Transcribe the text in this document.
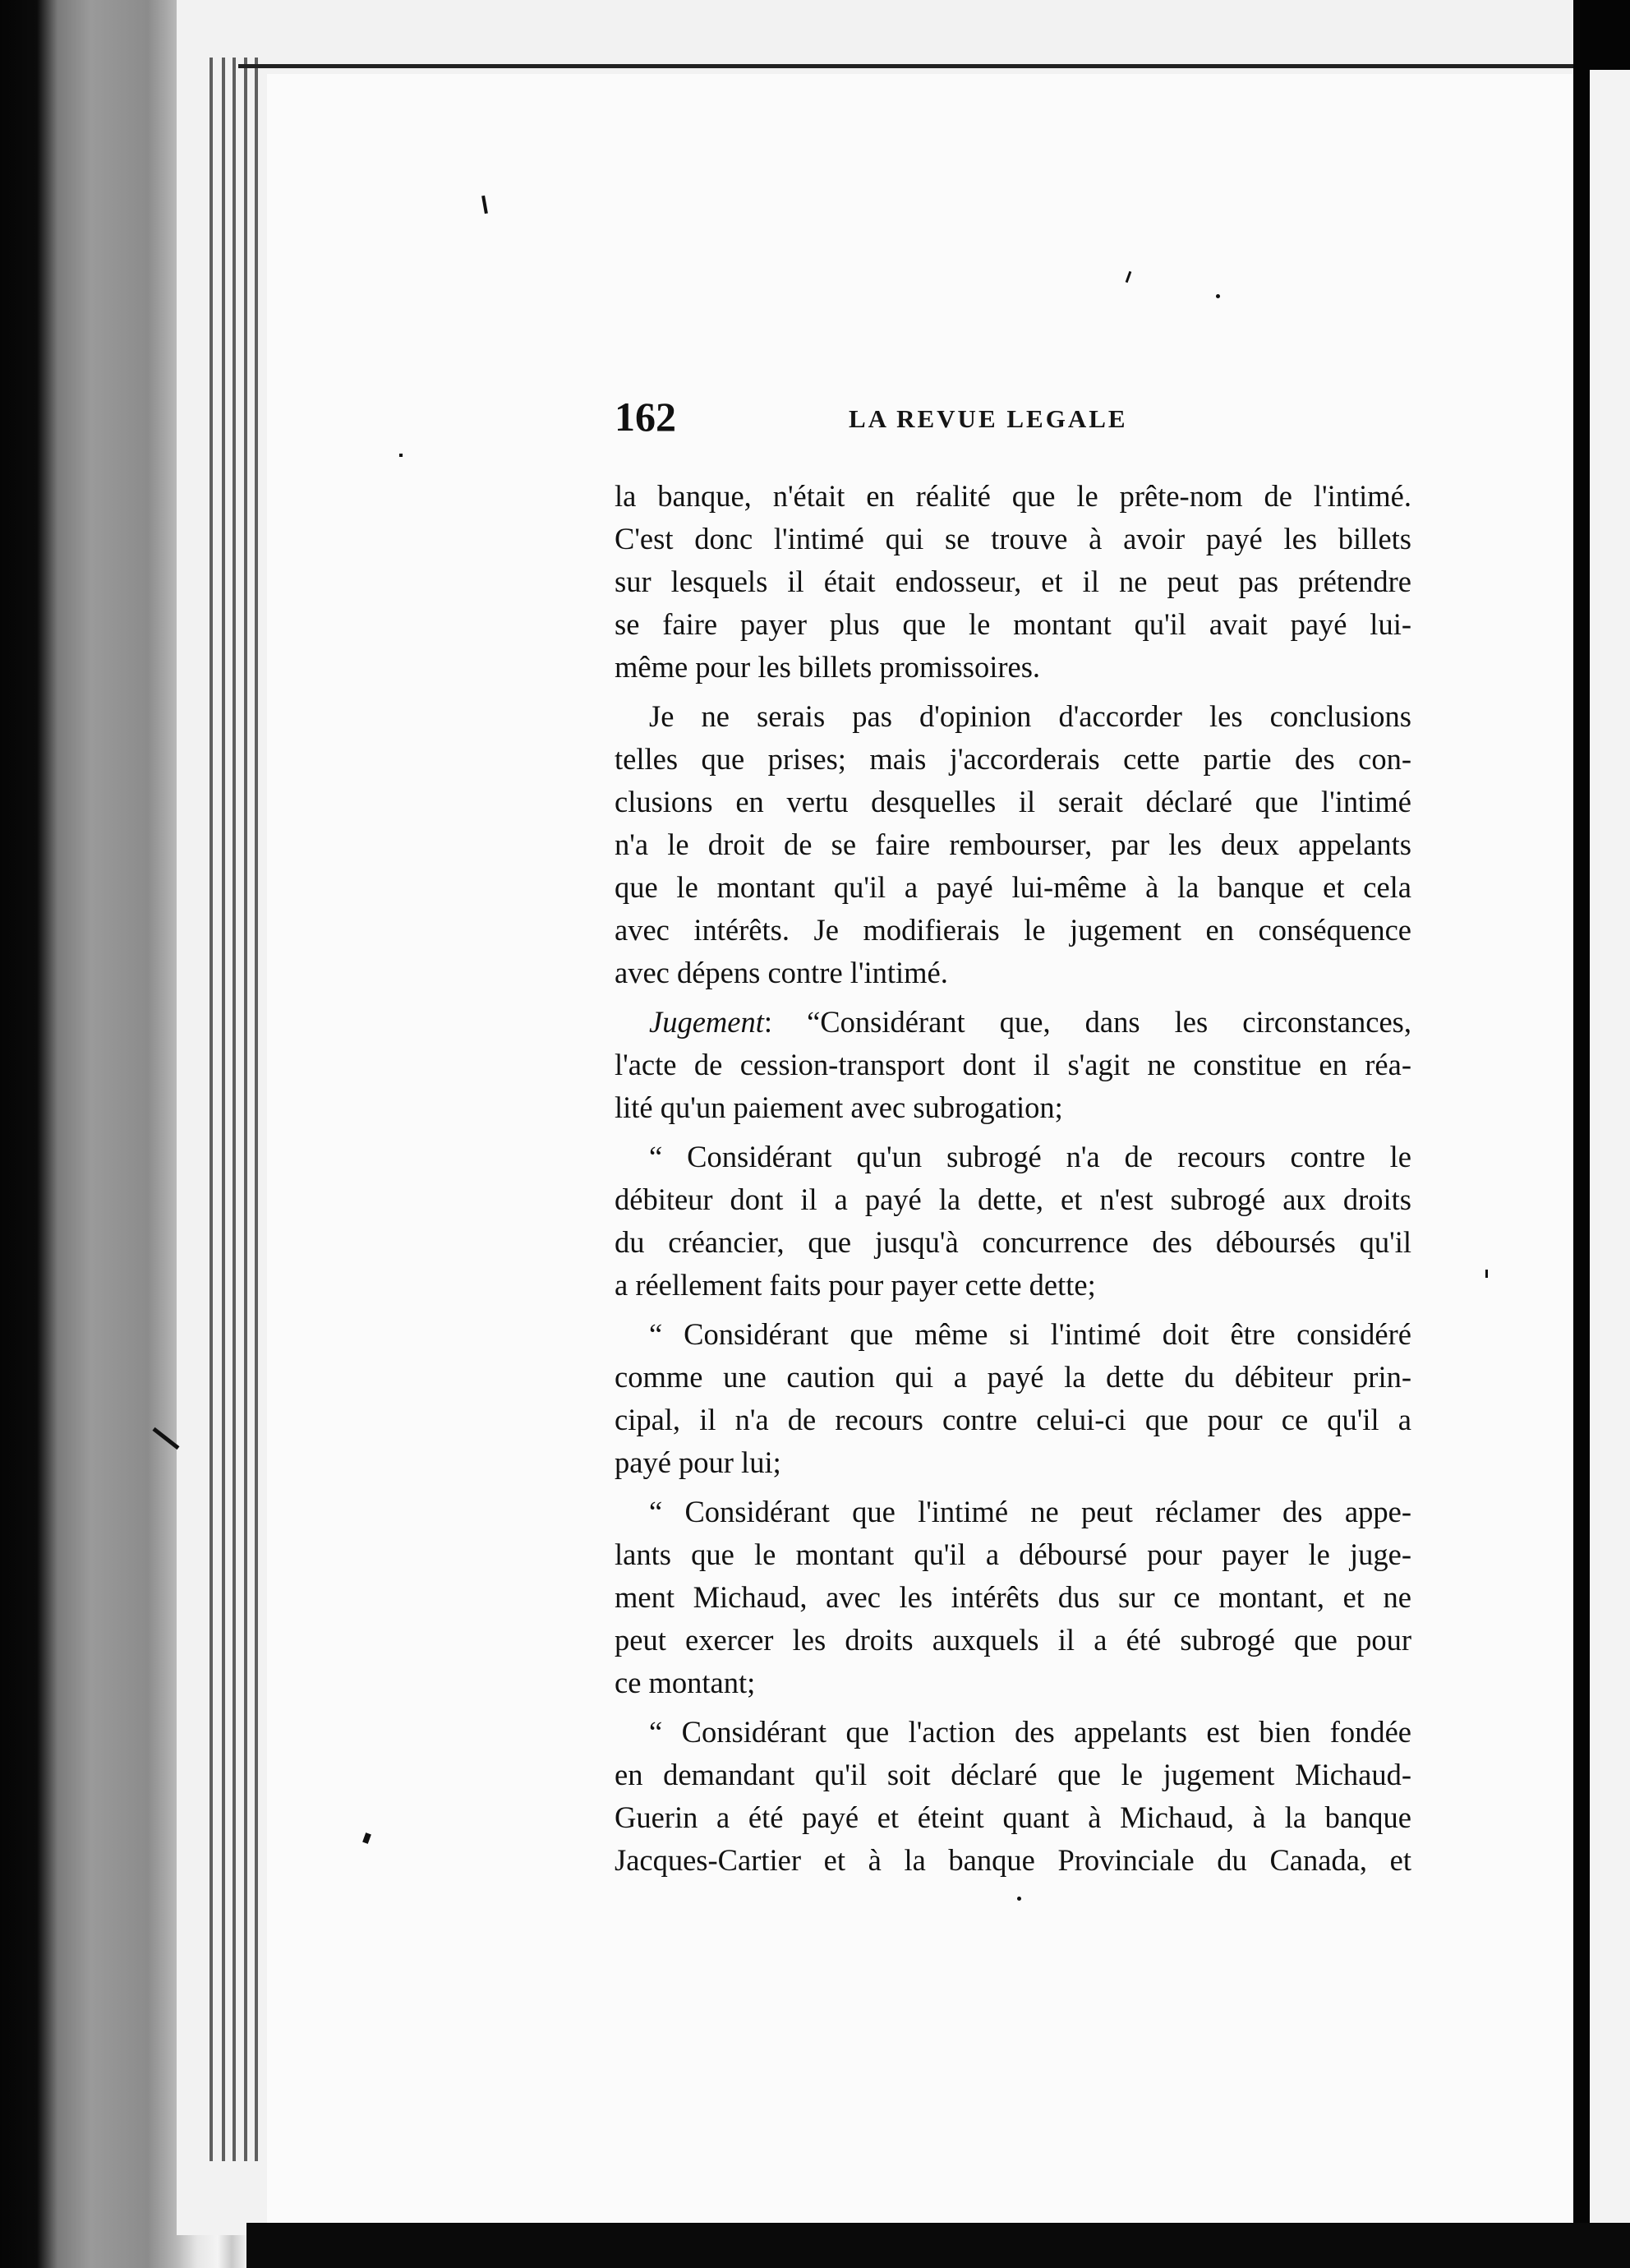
162	LA REVUE LEGALE

la banque, n'était en réalité que le prête-nom de l'intimé.
C'est donc l'intimé qui se trouve à avoir payé les billets
sur lesquels il était endosseur, et il ne peut pas prétendre
se faire payer plus que le montant qu'il avait payé lui-
même pour les billets promissoires.

Je ne serais pas d'opinion d'accorder les conclusions
telles que prises; mais j'accorderais cette partie des con-
clusions en vertu desquelles il serait déclaré que l'intimé
n'a le droit de se faire rembourser, par les deux appelants
que le montant qu'il a payé lui-même à la banque et cela
avec intérêts. Je modifierais le jugement en conséquence
avec dépens contre l'intimé.

Jugement: “Considérant que, dans les circonstances,
l'acte de cession-transport dont il s'agit ne constitue en réa-
lité qu'un paiement avec subrogation;

“ Considérant qu'un subrogé n'a de recours contre le
débiteur dont il a payé la dette, et n'est subrogé aux droits
du créancier, que jusqu'à concurrence des déboursés qu'il
a réellement faits pour payer cette dette;

“ Considérant que même si l'intimé doit être considéré
comme une caution qui a payé la dette du débiteur prin-
cipal, il n'a de recours contre celui-ci que pour ce qu'il a
payé pour lui;

“ Considérant que l'intimé ne peut réclamer des appe-
lants que le montant qu'il a déboursé pour payer le juge-
ment Michaud, avec les intérêts dus sur ce montant, et ne
peut exercer les droits auxquels il a été subrogé que pour
ce montant;

“ Considérant que l'action des appelants est bien fondée
en demandant qu'il soit déclaré que le jugement Michaud-
Guerin a été payé et éteint quant à Michaud, à la banque
Jacques-Cartier et à la banque Provinciale du Canada, et
